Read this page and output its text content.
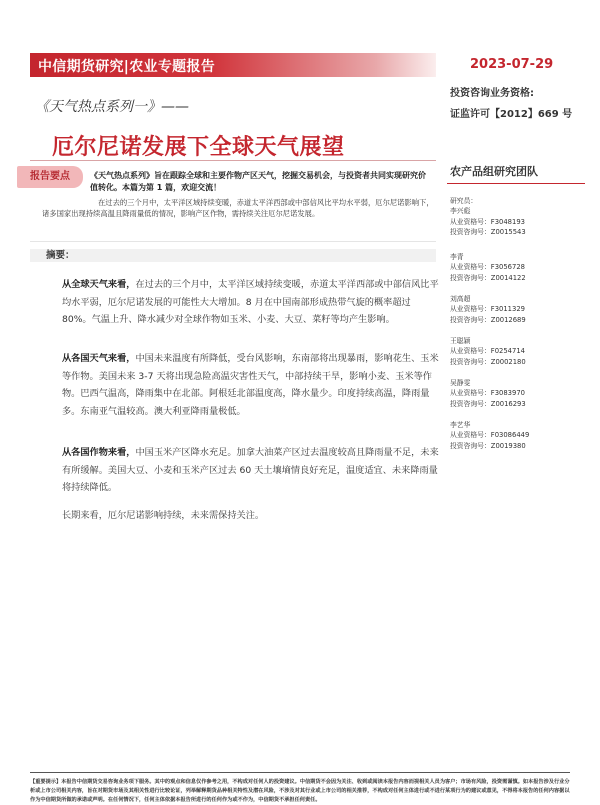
中信期货研究|农业专题报告	2023-07-29
投资咨询业务资格:
证监许可【2012】669 号
《天气热点系列一》——
厄尔尼诺发展下全球天气展望
报告要点	《天气热点系列》旨在跟踪全球和主要作物产区天气，挖掘交易机会，与投资者共同实现研究价值转化。本篇为第 1 篇，欢迎交流！
在过去的三个月中，太平洋区域持续变暖，赤道太平洋西部或中部信风比平均水平弱，厄尔尼诺影响下，诸多国家出现持续高温且降雨量低的情况，影响产区作物，需持续关注厄尔尼诺发展。
摘要：
从全球天气来看，在过去的三个月中，太平洋区域持续变暖，赤道太平洋西部或中部信风比平均水平弱，厄尔尼诺发展的可能性大大增加。8 月在中国南部形成热带气旋的概率超过 80%。气温上升、降水减少对全球作物如玉米、小麦、大豆、菜籽等均产生影响。
从各国天气来看，中国未来温度有所降低，受台风影响，东南部将出现暴雨，影响花生、玉米等作物。美国未来 3-7 天将出现急险高温灾害性天气，中部持续干旱，影响小麦、玉米等作物。巴西气温高，降雨集中在北部。阿根廷北部温度高，降水量少。印度持续高温，降雨量多。东南亚气温较高。澳大利亚降雨量极低。
从各国作物来看，中国玉米产区降水充足。加拿大油菜产区过去温度较高且降雨量不足，未来有所缓解。美国大豆、小麦和玉米产区过去 60 天土壤墒情良好充足，温度适宜、未来降雨量将持续降低。
长期来看，厄尔尼诺影响持续，未来需保持关注。
农产品组研究团队
研究员：
李兴彪
从业资格号：F3048193
投资咨询号：Z0015543
李青
从业资格号：F3056728
投资咨询号：Z0014122
刘高超
从业资格号：F3011329
投资咨询号：Z0012689
王聪颖
从业资格号：F0254714
投资咨询号：Z0002180
吴静雯
从业资格号：F3083970
投资咨询号：Z0016293
李艺华
从业资格号：F03086449
投资咨询号：Z0019380
【重要提示】本报告中信期货交易咨询业务项下服务。其中的观点和信息仅作参考之用，不构成对任何人的投资建议。中信期货不会因为关注、收到或阅读本报告内容而视相关人员为客户；市场有风险，投资需谨慎。如本报告涉及行业分析或上市公司相关内容，旨在对期货市场及其相关性进行比较论证，列举解释期货品种相关特性及潜在风险，不涉及对其行业或上市公司的相关推荐，不构成对任何主体进行或不进行某项行为的建议或意见，不得将本报告的任何内容据以作为中信期货所做的承诺或声明。在任何情况下，任何主体依据本报告所进行的任何作为或不作为，中信期货不承担任何责任。
